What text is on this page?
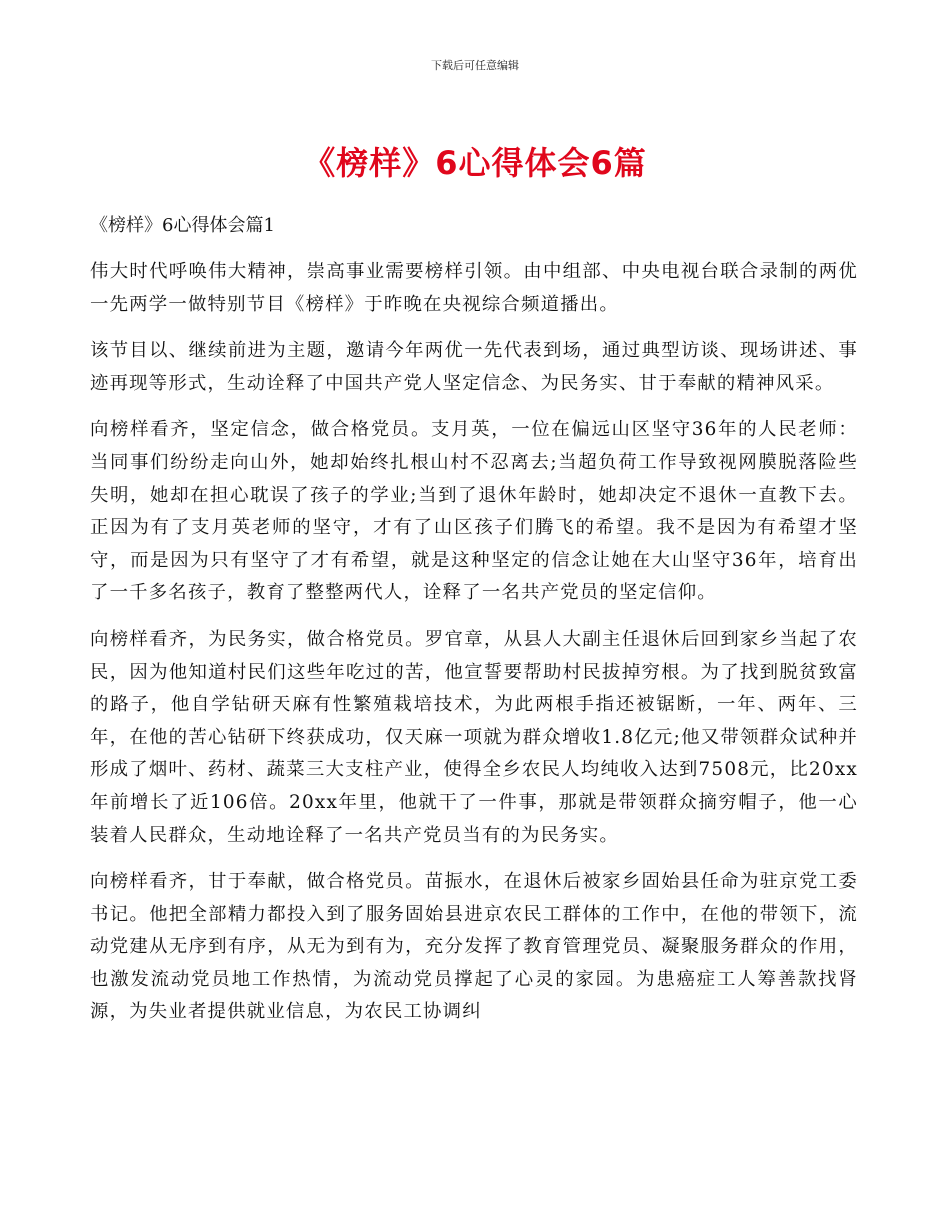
下载后可任意编辑
《榜样》6心得体会6篇

《榜样》6心得体会篇1

伟大时代呼唤伟大精神，崇高事业需要榜样引领。由中组部、中央电视台联合录制的两优一先两学一做特别节目《榜样》于昨晚在央视综合频道播出。

该节目以、继续前进为主题，邀请今年两优一先代表到场，通过典型访谈、现场讲述、事迹再现等形式，生动诠释了中国共产党人坚定信念、为民务实、甘于奉献的精神风采。

向榜样看齐，坚定信念，做合格党员。支月英，一位在偏远山区坚守36年的人民老师：当同事们纷纷走向山外，她却始终扎根山村不忍离去;当超负荷工作导致视网膜脱落险些失明，她却在担心耽误了孩子的学业;当到了退休年龄时，她却决定不退休一直教下去。正因为有了支月英老师的坚守，才有了山区孩子们腾飞的希望。我不是因为有希望才坚守，而是因为只有坚守了才有希望，就是这种坚定的信念让她在大山坚守36年，培育出了一千多名孩子，教育了整整两代人，诠释了一名共产党员的坚定信仰。

向榜样看齐，为民务实，做合格党员。罗官章，从县人大副主任退休后回到家乡当起了农民，因为他知道村民们这些年吃过的苦，他宣誓要帮助村民拔掉穷根。为了找到脱贫致富的路子，他自学钻研天麻有性繁殖栽培技术，为此两根手指还被锯断，一年、两年、三年，在他的苦心钻研下终获成功，仅天麻一项就为群众增收1.8亿元;他又带领群众试种并形成了烟叶、药材、蔬菜三大支柱产业，使得全乡农民人均纯收入达到7508元，比20xx年前增长了近106倍。20xx年里，他就干了一件事，那就是带领群众摘穷帽子，他一心装着人民群众，生动地诠释了一名共产党员当有的为民务实。

向榜样看齐，甘于奉献，做合格党员。苗振水，在退休后被家乡固始县任命为驻京党工委书记。他把全部精力都投入到了服务固始县进京农民工群体的工作中，在他的带领下，流动党建从无序到有序，从无为到有为，充分发挥了教育管理党员、凝聚服务群众的作用，也激发流动党员地工作热情，为流动党员撑起了心灵的家园。为患癌症工人筹善款找肾源，为失业者提供就业信息，为农民工协调纠
